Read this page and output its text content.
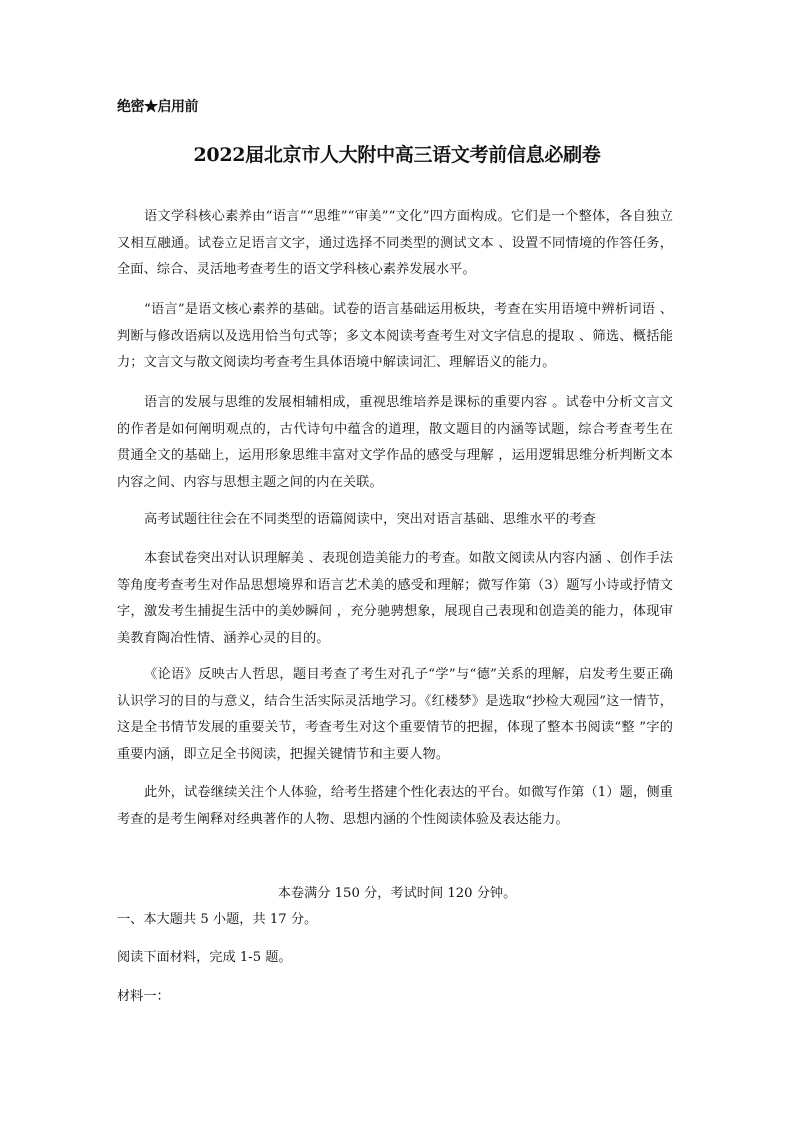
绝密★启用前
2022届北京市人大附中高三语文考前信息必刷卷
语文学科核心素养由“语言”“思维”“审美”“文化”四方面构成。它们是一个整体，各自独立又相互融通。试卷立足语言文字，通过选择不同类型的测试文本 、设置不同情境的作答任务，全面、综合、灵活地考查考生的语文学科核心素养发展水平。
“语言”是语文核心素养的基础。试卷的语言基础运用板块，考查在实用语境中辨析词语 、判断与修改语病以及选用恰当句式等；多文本阅读考查考生对文字信息的提取 、筛选、概括能力；文言文与散文阅读均考查考生具体语境中解读词汇、理解语义的能力。
语言的发展与思维的发展相辅相成，重视思维培养是课标的重要内容 。试卷中分析文言文的作者是如何阐明观点的，古代诗句中蕴含的道理，散文题目的内涵等试题，综合考查考生在贯通全文的基础上，运用形象思维丰富对文学作品的感受与理解 ，运用逻辑思维分析判断文本内容之间、内容与思想主题之间的内在关联。
高考试题往往会在不同类型的语篇阅读中，突出对语言基础、思维水平的考查
本套试卷突出对认识理解美 、表现创造美能力的考查。如散文阅读从内容内涵 、创作手法等角度考查考生对作品思想境界和语言艺术美的感受和理解；微写作第（3）题写小诗或抒情文字，激发考生捕捉生活中的美妙瞬间 ，充分驰骋想象，展现自己表现和创造美的能力，体现审美教育陶冶性情、涵养心灵的目的。
《论语》反映古人哲思，题目考查了考生对孔子“学”与“德”关系的理解，启发考生要正确认识学习的目的与意义，结合生活实际灵活地学习。《红楼梦》是选取“抄检大观园”这一情节，这是全书情节发展的重要关节，考查考生对这个重要情节的把握，体现了整本书阅读“整 ”字的重要内涵，即立足全书阅读，把握关键情节和主要人物。
此外，试卷继续关注个人体验，给考生搭建个性化表达的平台。如微写作第（1）题，侧重考查的是考生阐释对经典著作的人物、思想内涵的个性阅读体验及表达能力。
本卷满分 150 分，考试时间 120 分钟。
一、本大题共 5 小题，共 17 分。
阅读下面材料，完成 1-5 题。
材料一：
